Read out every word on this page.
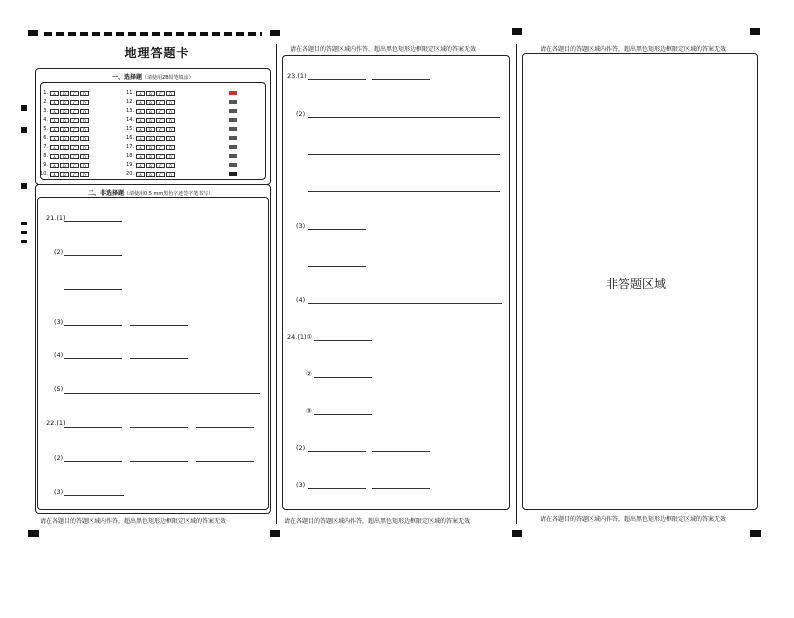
地理答题卡
一、选择题（请使用2B铅笔填涂）
1.	A	B	C	D
2.	A	B	C	D
3.	A	B	C	D
4.	A	B	C	D
5.	A	B	C	D
6.	A	B	C	D
7.	A	B	C	D
8.	A	B	C	D
9.	A	B	C	D
10.	A	B	C	D
11.	A	B	C	D
12.	A	B	C	D
13.	A	B	C	D
14.	A	B	C	D
15.	A	B	C	D
16.	A	B	C	D
17.	A	B	C	D
18.	A	B	C	D
19.	A	B	C	D
20.	A	B	C	D
二、非选择题（请使用0.5 mm黑色字迹签字笔书写）
21.(1)
(2)
(3)
(4)
(5)
22.(1)
(2)
(3)
请在各题目的答题区域内作答，超出黑色矩形边框限定区域的答案无效
请在各题目的答题区域内作答，超出黑色矩形边框限定区域的答案无效
23.(1)
(2)
(3)
(4)
24.(1)①
②
③
(2)
(3)
请在各题目的答题区域内作答，超出黑色矩形边框限定区域的答案无效
请在各题目的答题区域内作答，超出黑色矩形边框限定区域的答案无效
非答题区域
请在各题目的答题区域内作答，超出黑色矩形边框限定区域的答案无效
